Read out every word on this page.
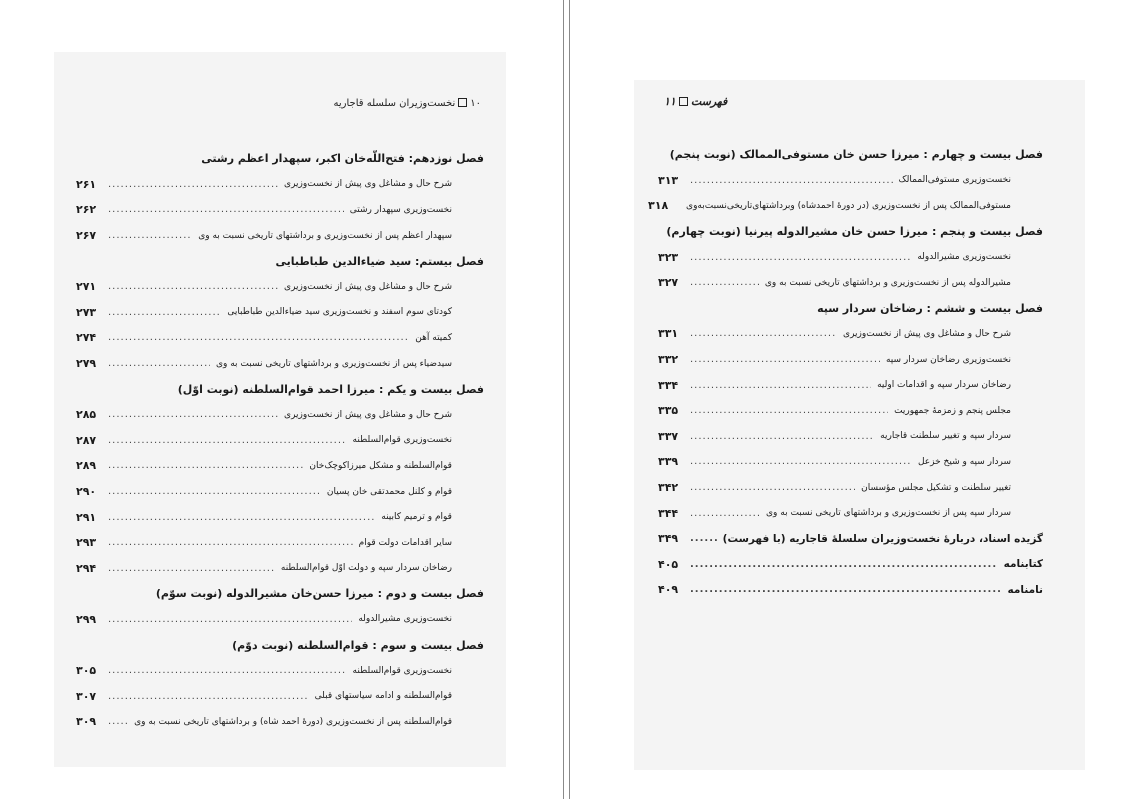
۱۰نخست‌وزیران سلسله قاجاریه
فصل نوزدهم: فتح‌اللّه‌خان اکبر، سپهدار اعظم رشتی
شرح حال و مشاغل وی پیش از نخست‌وزیری
.....
۲۶۱
نخست‌وزیری سپهدار رشتی
.....
۲۶۲
سپهدار اعظم پس از نخست‌وزیری و برداشتهای تاریخی نسبت به وی
.....
۲۶۷
فصل بیستم: سید ضیاءالدین طباطبایی
شرح حال و مشاغل وی پیش از نخست‌وزیری
.....
۲۷۱
کودتای سوم اسفند و نخست‌وزیری سید ضیاءالدین طباطبایی
.....
۲۷۳
کمیته آهن
.....
۲۷۴
سیدضیاء پس از نخست‌وزیری و برداشتهای تاریخی نسبت به وی
.....
۲۷۹
فصل بیست و یکم : میرزا احمد قوام‌السلطنه (نوبت اوّل)
شرح حال و مشاغل وی پیش از نخست‌وزیری
.....
۲۸۵
نخست‌وزیری قوام‌السلطنه
.....
۲۸۷
قوام‌السلطنه و مشکل میرزاکوچک‌خان
.....
۲۸۹
قوام و کلنل محمدتقی خان پسیان
.....
۲۹۰
قوام و ترمیم کابینه
.....
۲۹۱
سایر اقدامات دولت قوام
.....
۲۹۳
رضاخان سردار سپه و دولت اوّل قوام‌السلطنه
.....
۲۹۴
فصل بیست و دوم : میرزا حسن‌خان مشیرالدوله (نوبت سوّم)
نخست‌وزیری مشیرالدوله
.....
۲۹۹
فصل بیست و سوم : قوام‌السلطنه (نوبت دوّم)
نخست‌وزیری قوام‌السلطنه
.....
۳۰۵
قوام‌السلطنه و ادامه سیاستهای قبلی
.....
۳۰۷
قوام‌السلطنه پس از نخست‌وزیری (دورهٔ احمد شاه) و برداشتهای تاریخی نسبت به وی
.....
۳۰۹
فهرست۱۱
فصل بیست و چهارم : میرزا حسن خان مستوفی‌الممالک (نوبت پنجم)
نخست‌وزیری مستوفی‌الممالک
.....
۳۱۳
مستوفی‌الممالک پس از نخست‌وزیری (در دورهٔ احمدشاه) وبرداشتهای‌تاریخی‌نسبت‌به‌وی
۳۱۸
فصل بیست و پنجم : میرزا حسن خان مشیرالدوله پیرنیا (نوبت چهارم)
نخست‌وزیری مشیرالدوله
.....
۳۲۳
مشیرالدوله پس از نخست‌وزیری و برداشتهای تاریخی نسبت به وی
.....
۳۲۷
فصل بیست و ششم : رضاخان سردار سپه
شرح حال و مشاغل وی پیش از نخست‌وزیری
.....
۳۳۱
نخست‌وزیری رضاخان سردار سپه
.....
۳۳۲
رضاخان سردار سپه و اقدامات اولیه
.....
۳۳۴
مجلس پنجم و زمزمهٔ جمهوریت
.....
۳۳۵
سردار سپه و تغییر سلطنت قاجاریه
.....
۳۳۷
سردار سپه و شیخ خزعل
.....
۳۳۹
تغییر سلطنت و تشکیل مجلس مؤسسان
.....
۳۴۲
سردار سپه پس از نخست‌وزیری و برداشتهای تاریخی نسبت به وی
.....
۳۴۴
گزیده اسناد، دربارهٔ نخست‌وزیران سلسلهٔ قاجاریه (با فهرست)
.....
۳۴۹
کتابنامه
.....
۴۰۵
نامنامه
.....
۴۰۹
